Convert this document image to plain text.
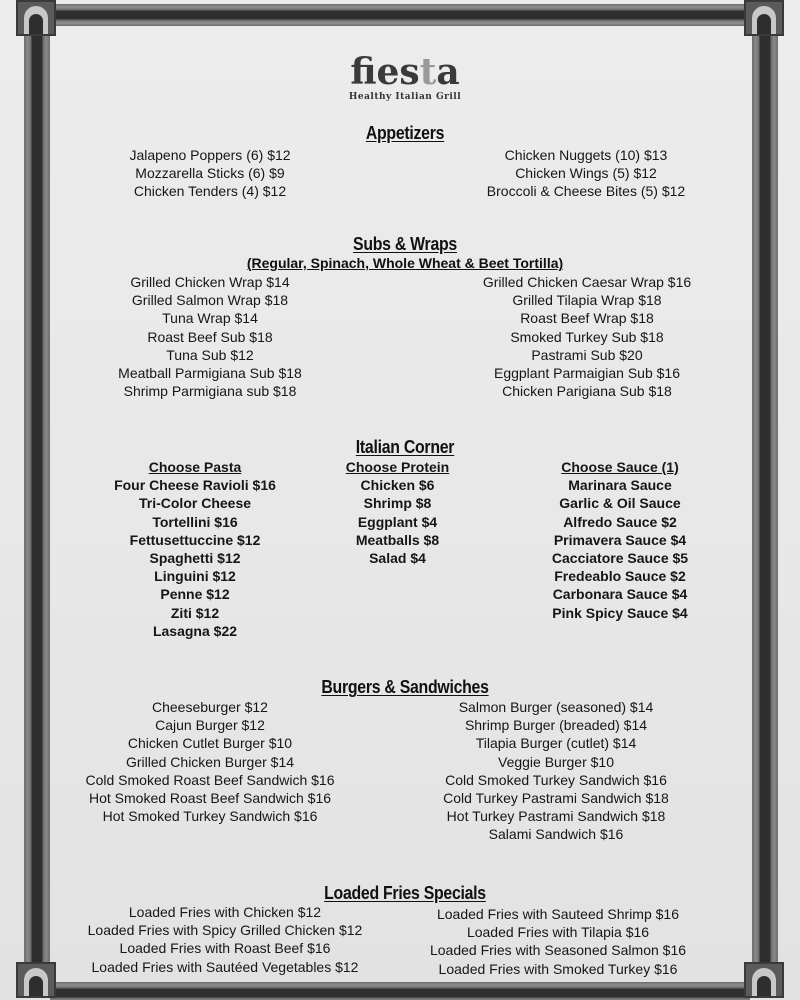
fiesta
Healthy Italian Grill
Appetizers
Jalapeno Poppers (6) $12
Mozzarella Sticks (6) $9
Chicken Tenders (4) $12
Chicken Nuggets (10) $13
Chicken Wings (5) $12
Broccoli & Cheese Bites (5) $12
Subs & Wraps
(Regular, Spinach, Whole Wheat & Beet Tortilla)
Grilled Chicken Wrap $14
Grilled Salmon Wrap $18
Tuna Wrap $14
Roast Beef Sub $18
Tuna Sub $12
Meatball Parmigiana Sub $18
Shrimp Parmigiana sub $18
Grilled Chicken Caesar Wrap $16
Grilled Tilapia Wrap $18
Roast Beef Wrap $18
Smoked Turkey Sub $18
Pastrami Sub $20
Eggplant Parmaigian Sub $16
Chicken Parigiana Sub $18
Italian Corner
Choose Pasta
Four Cheese Ravioli $16
Tri-Color Cheese
Tortellini $16
Fettusettuccine $12
Spaghetti $12
Linguini $12
Penne $12
Ziti $12
Lasagna $22
Choose Protein
Chicken $6
Shrimp $8
Eggplant $4
Meatballs $8
Salad $4
Choose Sauce (1)
Marinara Sauce
Garlic & Oil Sauce
Alfredo Sauce $2
Primavera Sauce $4
Cacciatore Sauce $5
Fredeablo Sauce $2
Carbonara Sauce $4
Pink Spicy Sauce $4
Burgers & Sandwiches
Cheeseburger $12
Cajun Burger $12
Chicken Cutlet Burger $10
Grilled Chicken Burger $14
Cold Smoked Roast Beef Sandwich $16
Hot Smoked Roast Beef Sandwich $16
Hot Smoked Turkey Sandwich $16
Salmon Burger (seasoned) $14
Shrimp Burger (breaded) $14
Tilapia Burger (cutlet) $14
Veggie Burger $10
Cold Smoked Turkey Sandwich $16
Cold Turkey Pastrami Sandwich $18
Hot Turkey Pastrami Sandwich $18
Salami Sandwich $16
Loaded Fries Specials
Loaded Fries with Chicken $12
Loaded Fries with Spicy Grilled Chicken $12
Loaded Fries with Roast Beef $16
Loaded Fries with Sautéed Vegetables $12
Loaded Fries with Sauteed Shrimp $16
Loaded Fries with Tilapia $16
Loaded Fries with Seasoned Salmon $16
Loaded Fries with Smoked Turkey $16
